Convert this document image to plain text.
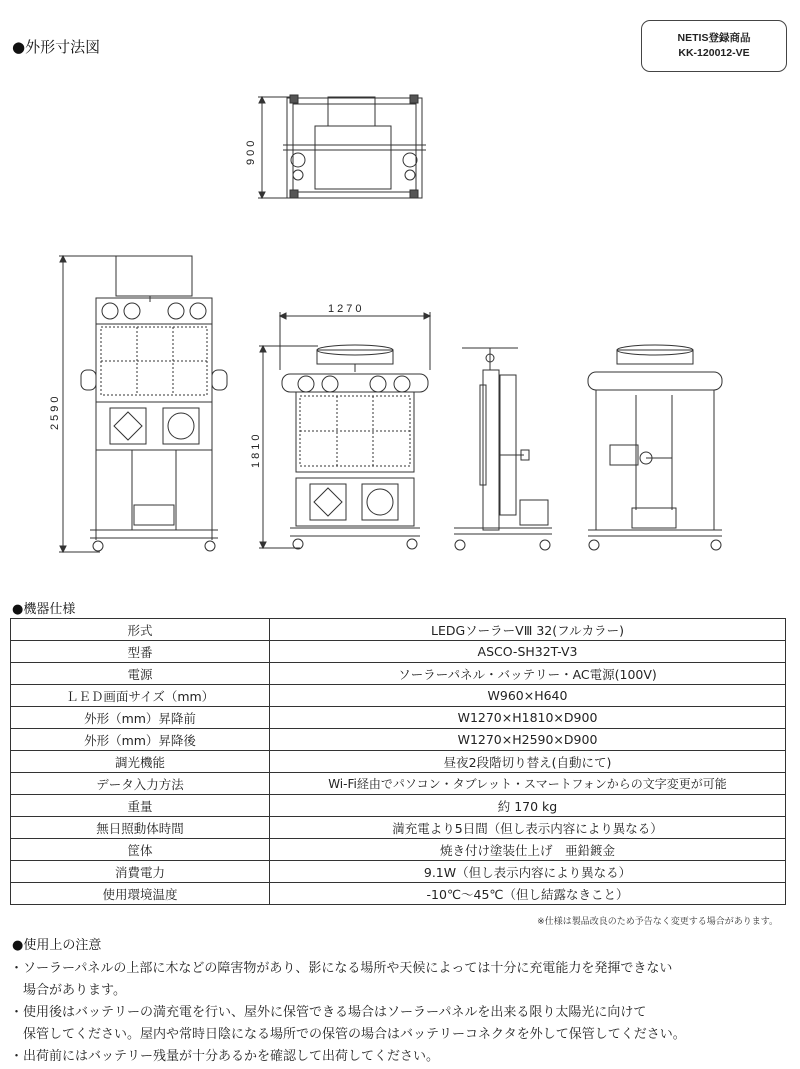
●外形寸法図	NETIS登録商品
KK-120012-VE
900
2590
1270
1810
●機器仕様
形式	LEDGソーラーVⅢ 32(フルカラー)
型番	ASCO-SH32T-V3
電源	ソーラーパネル・バッテリー・AC電源(100V)
ＬＥＤ画面サイズ（mm）	W960×H640
外形（mm）昇降前	W1270×H1810×D900
外形（mm）昇降後	W1270×H2590×D900
調光機能	昼夜2段階切り替え(自動にて)
データ入力方法	Wi-Fi経由でパソコン・タブレット・スマートフォンからの文字変更が可能
重量	約 170 kg
無日照動体時間	満充電より5日間（但し表示内容により異なる）
筐体	焼き付け塗装仕上げ　亜鉛鍍金
消費電力	9.1W（但し表示内容により異なる）
使用環境温度	-10℃～45℃（但し結露なきこと）
※仕様は製品改良のため予告なく変更する場合があります。
●使用上の注意
・ソーラーパネルの上部に木などの障害物があり、影になる場所や天候によっては十分に充電能力を発揮できない
　場合があります。
・使用後はバッテリーの満充電を行い、屋外に保管できる場合はソーラーパネルを出来る限り太陽光に向けて
　保管してください。屋内や常時日陰になる場所での保管の場合はバッテリーコネクタを外して保管してください。
・出荷前にはバッテリー残量が十分あるかを確認して出荷してください。
